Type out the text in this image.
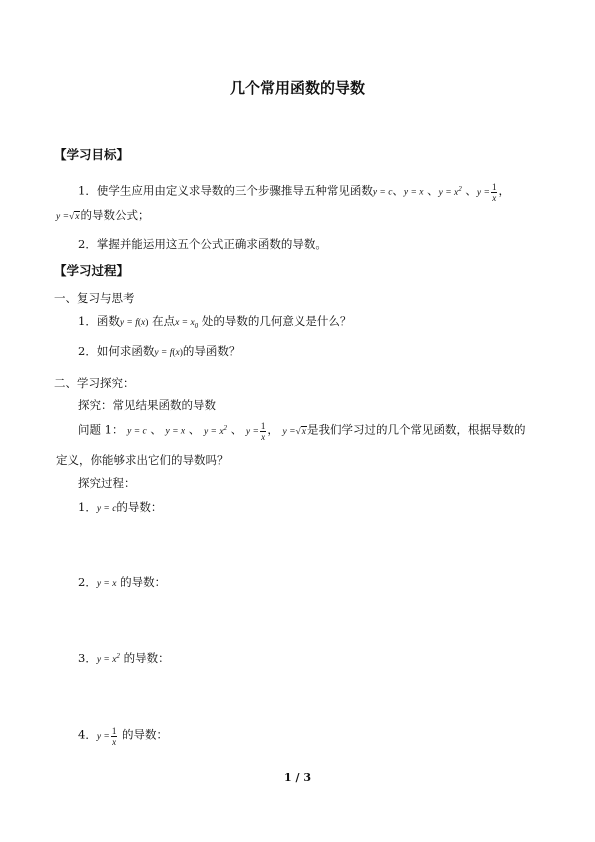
几个常用函数的导数
【学习目标】
1．使学生应用由定义求导数的三个步骤推导五种常见函数y = c、y = x 、$y = x^2$ 、$y = \frac{1}{x}$ ，
y =√x的导数公式；
2．掌握并能运用这五个公式正确求函数的导数。
【学习过程】
一、复习与思考
1．函数y = f(x) 在点$x = x_0$ 处的导数的几何意义是什么？
2．如何求函数y = f(x)的导函数？
二、学习探究：
探究：常见结果函数的导数
问题 1： y = c 、 y = x 、 $y = x^2$ 、 $y = \frac{1}{x}$ ， y =√x是我们学习过的几个常见函数，根据导数的
定义，你能够求出它们的导数吗？
探究过程：
1．y = c的导数：
2．y = x 的导数：
3．$y = x^2$ 的导数：
4．$y = \frac{1}{x}$ 的导数：
1 / 3
